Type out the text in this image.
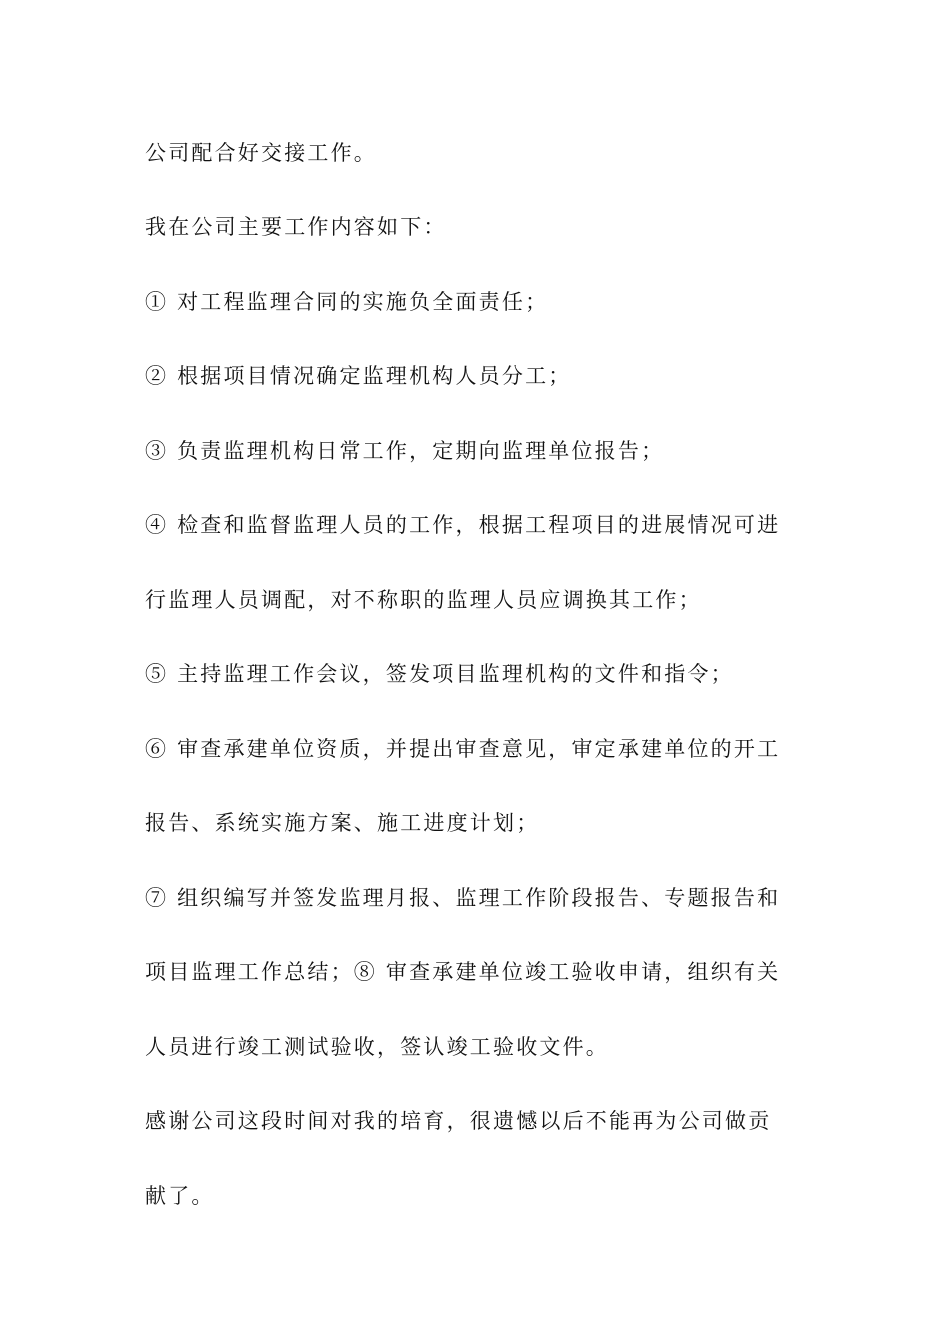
公司配合好交接工作。
我在公司主要工作内容如下：
① 对工程监理合同的实施负全面责任；
② 根据项目情况确定监理机构人员分工；
③ 负责监理机构日常工作，定期向监理单位报告；
④ 检查和监督监理人员的工作，根据工程项目的进展情况可进
行监理人员调配，对不称职的监理人员应调换其工作；
⑤ 主持监理工作会议，签发项目监理机构的文件和指令；
⑥ 审查承建单位资质，并提出审查意见，审定承建单位的开工
报告、系统实施方案、施工进度计划；
⑦ 组织编写并签发监理月报、监理工作阶段报告、专题报告和
项目监理工作总结；⑧ 审查承建单位竣工验收申请，组织有关
人员进行竣工测试验收，签认竣工验收文件。
感谢公司这段时间对我的培育，很遗憾以后不能再为公司做贡
献了。
